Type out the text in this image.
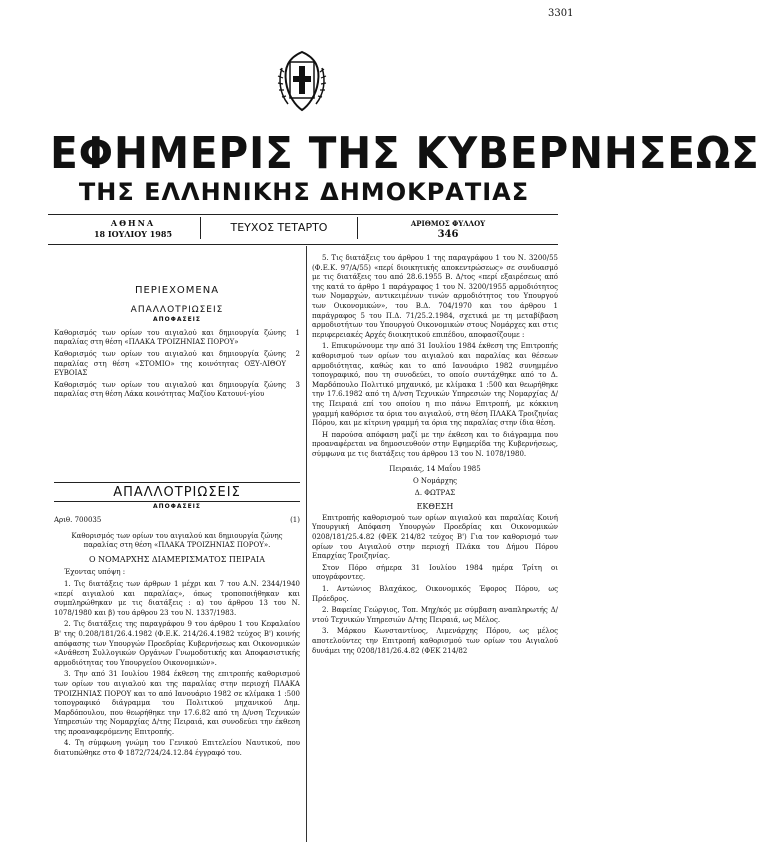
3301
ΕΦΗΜΕΡΙΣ ΤΗΣ ΚΥΒΕΡΝΗΣΕΩΣ
ΤΗΣ ΕΛΛΗΝΙΚΗΣ ΔΗΜΟΚΡΑΤΙΑΣ
ΑΘΗΝΑ
18 ΙΟΥΛΙΟΥ 1985	ΤΕΥΧΟΣ ΤΕΤΑΡΤΟ	ΑΡΙΘΜΟΣ ΦΥΛΛΟΥ
346
ΠΕΡΙΕΧΟΜΕΝΑ
ΑΠΑΛΛΟΤΡΙΩΣΕΙΣ
ΑΠΟΦΑΣΕΙΣ
Καθορισμός των ορίων του αιγιαλού και δημιουργία ζώνης παραλίας στη θέση «ΠΛΑΚΑ ΤΡΟΙΖΗΝΙΑΣ ΠΟΡΟΥ»
1
Καθορισμός των ορίων του αιγιαλού και δημιουργία ζώνης παραλίας στη θέση «ΣΤΟΜΙΟ» της κοινότητας ΟΞΥ-ΛΙΘΟΥ ΕΥΒΟΙΑΣ
2
Καθορισμός των ορίων του αιγιαλού και δημιουργία ζώνης παραλίας στη θέση Λάκα κοινότητας Μαζίου Κατουνί-γίου
3
ΑΠΑΛΛΟΤΡΙΩΣΕΙΣ
ΑΠΟΦΑΣΕΙΣ
Αριθ. 700035	(1)

Καθορισμός των ορίων του αιγιαλού και δημιουργία ζώνης παραλίας στη θέση «ΠΛΑΚΑ ΤΡΟΙΖΗΝΙΑΣ ΠΟΡΟΥ».

Ο ΝΟΜΑΡΧΗΣ ΔΙΑΜΕΡΙΣΜΑΤΟΣ ΠΕΙΡΑΙΑ

Έχοντας υπόψη :

1. Τις διατάξεις των άρθρων 1 μέχρι και 7 του Α.Ν. 2344/1940 «περί αιγιαλού και παραλίας», όπως τροποποιήθηκαν και συμπληρώθηκαν με τις διατάξεις : α) του άρθρου 13 του Ν. 1078/1980 και β) του άρθρου 23 του Ν. 1337/1983.

2. Τις διατάξεις της παραγράφου 9 του άρθρου 1 του Κεφαλαίου Β' της 0.208/181/26.4.1982 (Φ.Ε.Κ. 214/26.4.1982 τεύχος Β') κοινής απόφασης των Υπουργών Προεδρίας Κυβερνήσεως και Οικονομικών «Ανάθεση Συλλογικών Οργάνων Γνωμοδοτικής και Αποφασιστικής αρμοδιότητας του Υπουργείου Οικονομικών».

3. Την από 31 Ιουλίου 1984 έκθεση της επιτροπής καθορισμού των ορίων του αιγιαλού και της παραλίας στην περιοχή ΠΛΑΚΑ ΤΡΟΙΖΗΝΙΑΣ ΠΟΡΟΥ και το από Ιανουάριο 1982 σε κλίμακα 1 :500 τοπογραφικό διάγραμμα του Πολιτικού μηχανικού Δημ. Μαρδόπουλου, που θεωρήθηκε την 17.6.82 από τη Δ/νση Τεχνικών Υπηρεσιών της Νομαρχίας Δ/της Πειραιά, και συνοδεύει την έκθεση της προαναφερόμενης Επιτροπής.

4. Τη σύμφωνη γνώμη του Γενικού Επιτελείου Ναυτικού, που διατυπώθηκε στο Φ 1872/724/24.12.84 έγγραφό του.

5. Τις διατάξεις του άρθρου 1 της παραγράφου 1 του Ν. 3200/55 (Φ.Ε.Κ. 97/Α/55) «περί διοικητικής αποκεντρώσεως» σε συνδυασμό με τις διατάξεις του από 28.6.1955 Β. Δ/τος «περί εξαιρέσεως από της κατά το άρθρο 1 παράγραφος 1 του Ν. 3200/1955 αρμοδιότητος των Νομαρχών, αντικειμένων τινών αρμοδιότητος του Υπουργού των Οικονομικών», του Β.Δ. 704/1970 και του άρθρου 1 παράγραφος 5 του Π.Δ. 71/25.2.1984, σχετικά με τη μεταβίβαση αρμοδιοτήτων του Υπουργού Οικονομικών στους Νομάρχες και στις περιφερειακές Αρχές διοικητικού επιπέδου, αποφασίζουμε :

1. Επικυρώνουμε την από 31 Ιουλίου 1984 έκθεση της Επιτροπής καθορισμού των ορίων του αιγιαλού και παραλίας και θέσεων αρμοδιότητας, καθώς και το από Ιανουάριο 1982 συνημμένο τοπογραφικό, που τη συνοδεύει, το οποίο συντάχθηκε από το Δ. Μαρδόπουλο Πολιτικό μηχανικό, με κλίμακα 1 :500 και θεωρήθηκε την 17.6.1982 από τη Δ/νση Τεχνικών Υπηρεσιών της Νομαρχίας Δ/της Πειραιά επί του οποίου η πιο πάνω Επιτροπή, με κόκκινη γραμμή καθόρισε τα όρια του αιγιαλού, στη θέση ΠΛΑΚΑ Τροιζηνίας Πόρου, και με κίτρινη γραμμή τα όρια της παραλίας στην ίδια θέση.

Η παρούσα απόφαση μαζί με την έκθεση και το διάγραμμα που προαναφέρεται να δημοσιευθούν στην Εφημερίδα της Κυβερνήσεως, σύμφωνα με τις διατάξεις του άρθρου 13 του Ν. 1078/1980.

Πειραιάς, 14 Μαΐου 1985

Ο Νομάρχης

Δ. ΦΩΤΡΑΣ

ΕΚΘΕΣΗ

Επιτροπής καθορισμού των ορίων αιγιαλού και παραλίας Κοινή Υπουργική Απόφαση Υπουργών Προεδρίας και Οικονομικών 0208/181/25.4.82 (ΦΕΚ 214/82 τεύχος Β') Για τον καθορισμό των ορίων του Αιγιαλού στην περιοχή Πλάκα του Δήμου Πόρου Επαρχίας Τροιζηνίας.

Στον Πόρο σήμερα 31 Ιουλίου 1984 ημέρα Τρίτη οι υπογράφοντες.

1. Αντώνιος Βλαχάκος, Οικονομικός Έφορος Πόρου, ως Πρόεδρος.

2. Βαφείας Γεώργιος, Τοπ. Μηχ/κός με σύμβαση αναπληρωτής Δ/ντού Τεχνικών Υπηρεσιών Δ/της Πειραιά, ως Μέλος.

3. Μάρκου Κωνσταντίνος, Λιμενάρχης Πόρου, ως μέλος αποτελούντες την Επιτροπή καθορισμού των ορίων του Αιγιαλού δυνάμει της 0208/181/26.4.82 (ΦΕΚ 214/82
